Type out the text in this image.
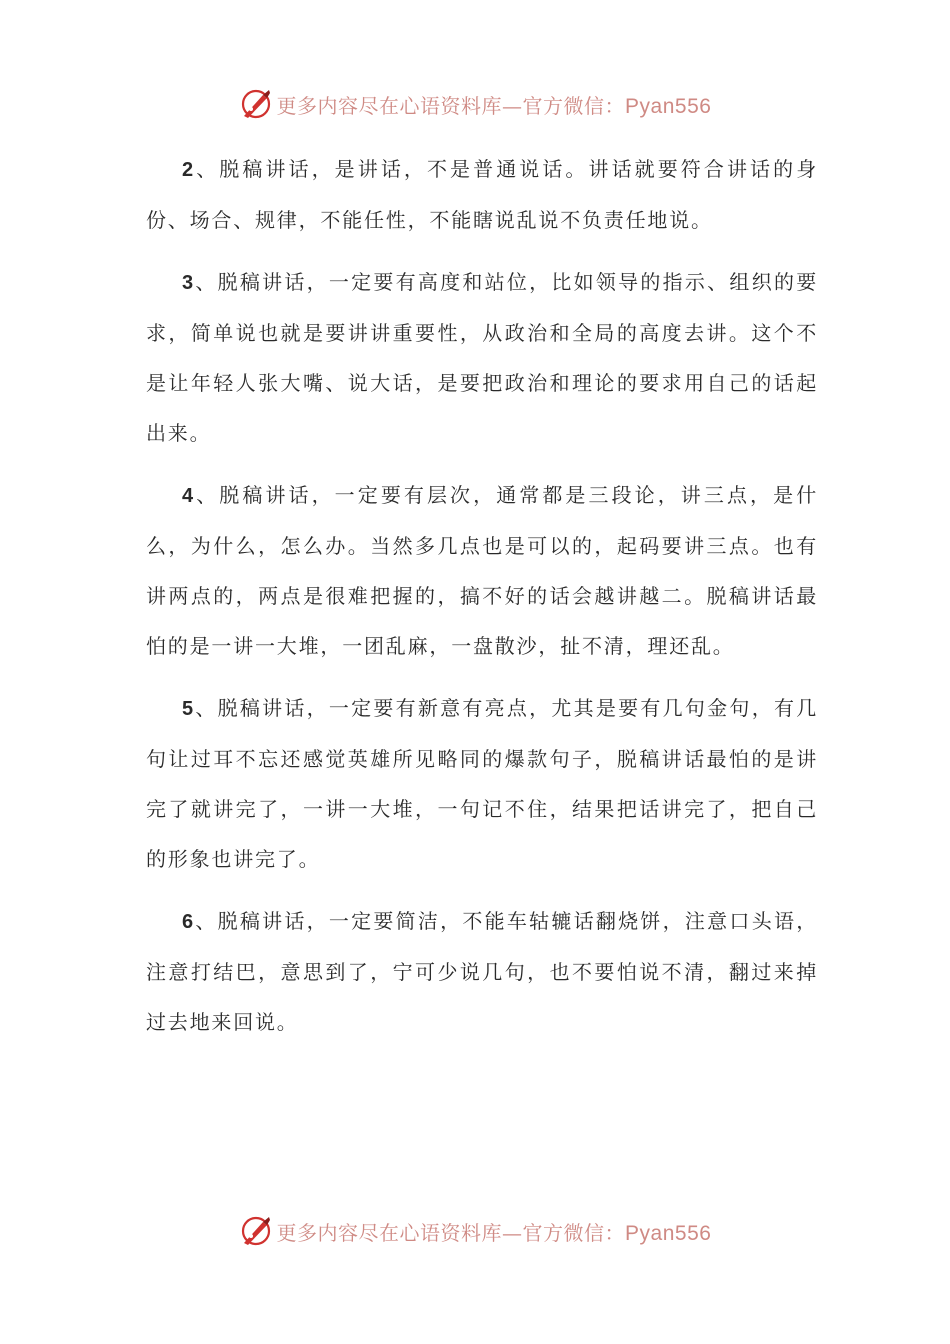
更多内容尽在心语资料库—官方微信：Pyan556

2、脱稿讲话，是讲话，不是普通说话。讲话就要符合讲话的身份、场合、规律，不能任性，不能瞎说乱说不负责任地说。

3、脱稿讲话，一定要有高度和站位，比如领导的指示、组织的要求，简单说也就是要讲讲重要性，从政治和全局的高度去讲。这个不是让年轻人张大嘴、说大话，是要把政治和理论的要求用自己的话起出来。

4、脱稿讲话，一定要有层次，通常都是三段论，讲三点，是什么，为什么，怎么办。当然多几点也是可以的，起码要讲三点。也有讲两点的，两点是很难把握的，搞不好的话会越讲越二。脱稿讲话最怕的是一讲一大堆，一团乱麻，一盘散沙，扯不清，理还乱。

5、脱稿讲话，一定要有新意有亮点，尤其是要有几句金句，有几句让过耳不忘还感觉英雄所见略同的爆款句子，脱稿讲话最怕的是讲完了就讲完了，一讲一大堆，一句记不住，结果把话讲完了，把自己的形象也讲完了。

6、脱稿讲话，一定要简洁，不能车轱辘话翻烧饼，注意口头语，注意打结巴，意思到了，宁可少说几句，也不要怕说不清，翻过来掉过去地来回说。

更多内容尽在心语资料库—官方微信：Pyan556
